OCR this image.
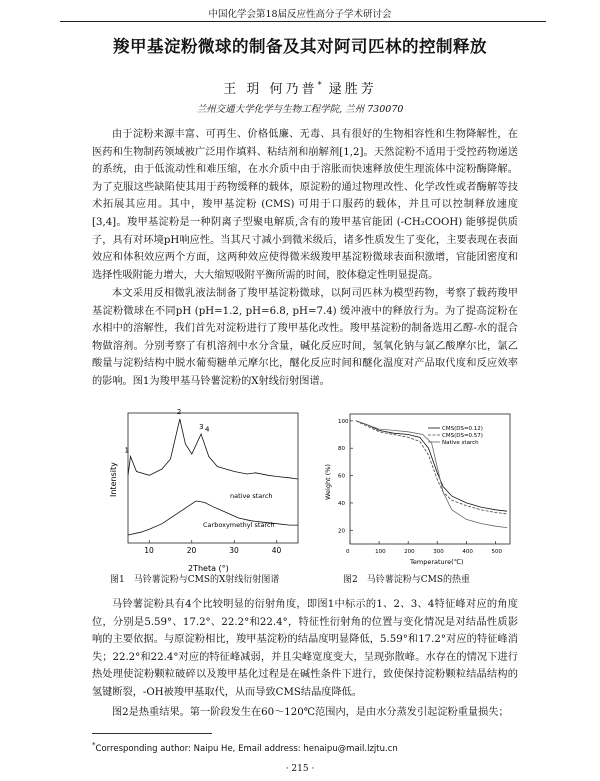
中国化学会第18届反应性高分子学术研讨会
羧甲基淀粉微球的制备及其对阿司匹林的控制释放
王 玥 何乃普* 逯胜芳
兰州交通大学化学与生物工程学院, 兰州 730070

由于淀粉来源丰富、可再生、价格低廉、无毒、具有很好的生物相容性和生物降解性，在医药和生物制药领域被广泛用作填料、粘结剂和崩解剂[1,2]。天然淀粉不适用于受控药物递送的系统，由于低流动性和难压缩，在水介质中由于溶胀而快速释放使生理流体中淀粉酶降解。为了克服这些缺陷使其用于药物缓释的载体，原淀粉的通过物理改性、化学改性或者酶解等技术拓展其应用。其中，羧甲基淀粉 (CMS) 可用于口服药的载体，并且可以控制释放速度[3,4]。羧甲基淀粉是一种阴离子型聚电解质,含有的羧甲基官能团 (-CH₂COOH) 能够提供质子，具有对环境pH响应性。当其尺寸减小到微米级后，诸多性质发生了变化，主要表现在表面效应和体积效应两个方面，这两种效应使得微米级羧甲基淀粉微球表面积激增，官能团密度和选择性吸附能力增大，大大缩短吸附平衡所需的时间，胶体稳定性明显提高。

本文采用反相微乳液法制备了羧甲基淀粉微球，以阿司匹林为模型药物，考察了载药羧甲基淀粉微球在不同pH (pH=1.2, pH=6.8, pH=7.4) 缓冲液中的释放行为。为了提高淀粉在水相中的溶解性，我们首先对淀粉进行了羧甲基化改性。羧甲基淀粉的制备选用乙醇-水的混合物做溶剂。分别考察了有机溶剂中水分含量，碱化反应时间，氢氧化钠与氯乙酸摩尔比，氯乙酸量与淀粉结构中脱水葡萄糖单元摩尔比，醚化反应时间和醚化温度对产品取代度和反应效率的影响。图1为羧甲基马铃薯淀粉的X射线衍射图谱。

10	20	30	40
1
2
3 4
native starch
Carboxymethyl starch
Intensity
2Theta (°)
0	100	200	300	400	500
100
80
60
40
20
CMS(DS=0.12)
CMS(DS=0.57)
Native starch
Weight (%)
Temperature(℃)
图1　马铃薯淀粉与CMS的X射线衍射图谱	图2　马铃薯淀粉与CMS的热重

马铃薯淀粉具有4个比较明显的衍射角度，即图1中标示的1、2、3、4特征峰对应的角度位，分别是5.59°、17.2°、22.2°和22.4°，特征性衍射角的位置与变化情况是对结晶性质影响的主要依据。与原淀粉相比，羧甲基淀粉的结晶度明显降低，5.59°和17.2°对应的特征峰消失；22.2°和22.4°对应的特征峰减弱，并且尖峰宽度变大，呈现弥散峰。水存在的情况下进行热处理使淀粉颗粒破碎以及羧甲基化过程是在碱性条件下进行，致使保持淀粉颗粒结晶结构的氢键断裂，-OH被羧甲基取代，从而导致CMS结晶度降低。

图2是热重结果。第一阶段发生在60～120℃范围内，是由水分蒸发引起淀粉重量损失；

*Corresponding author: Naipu He, Email address: henaipu@mail.lzjtu.cn
· 215 ·
